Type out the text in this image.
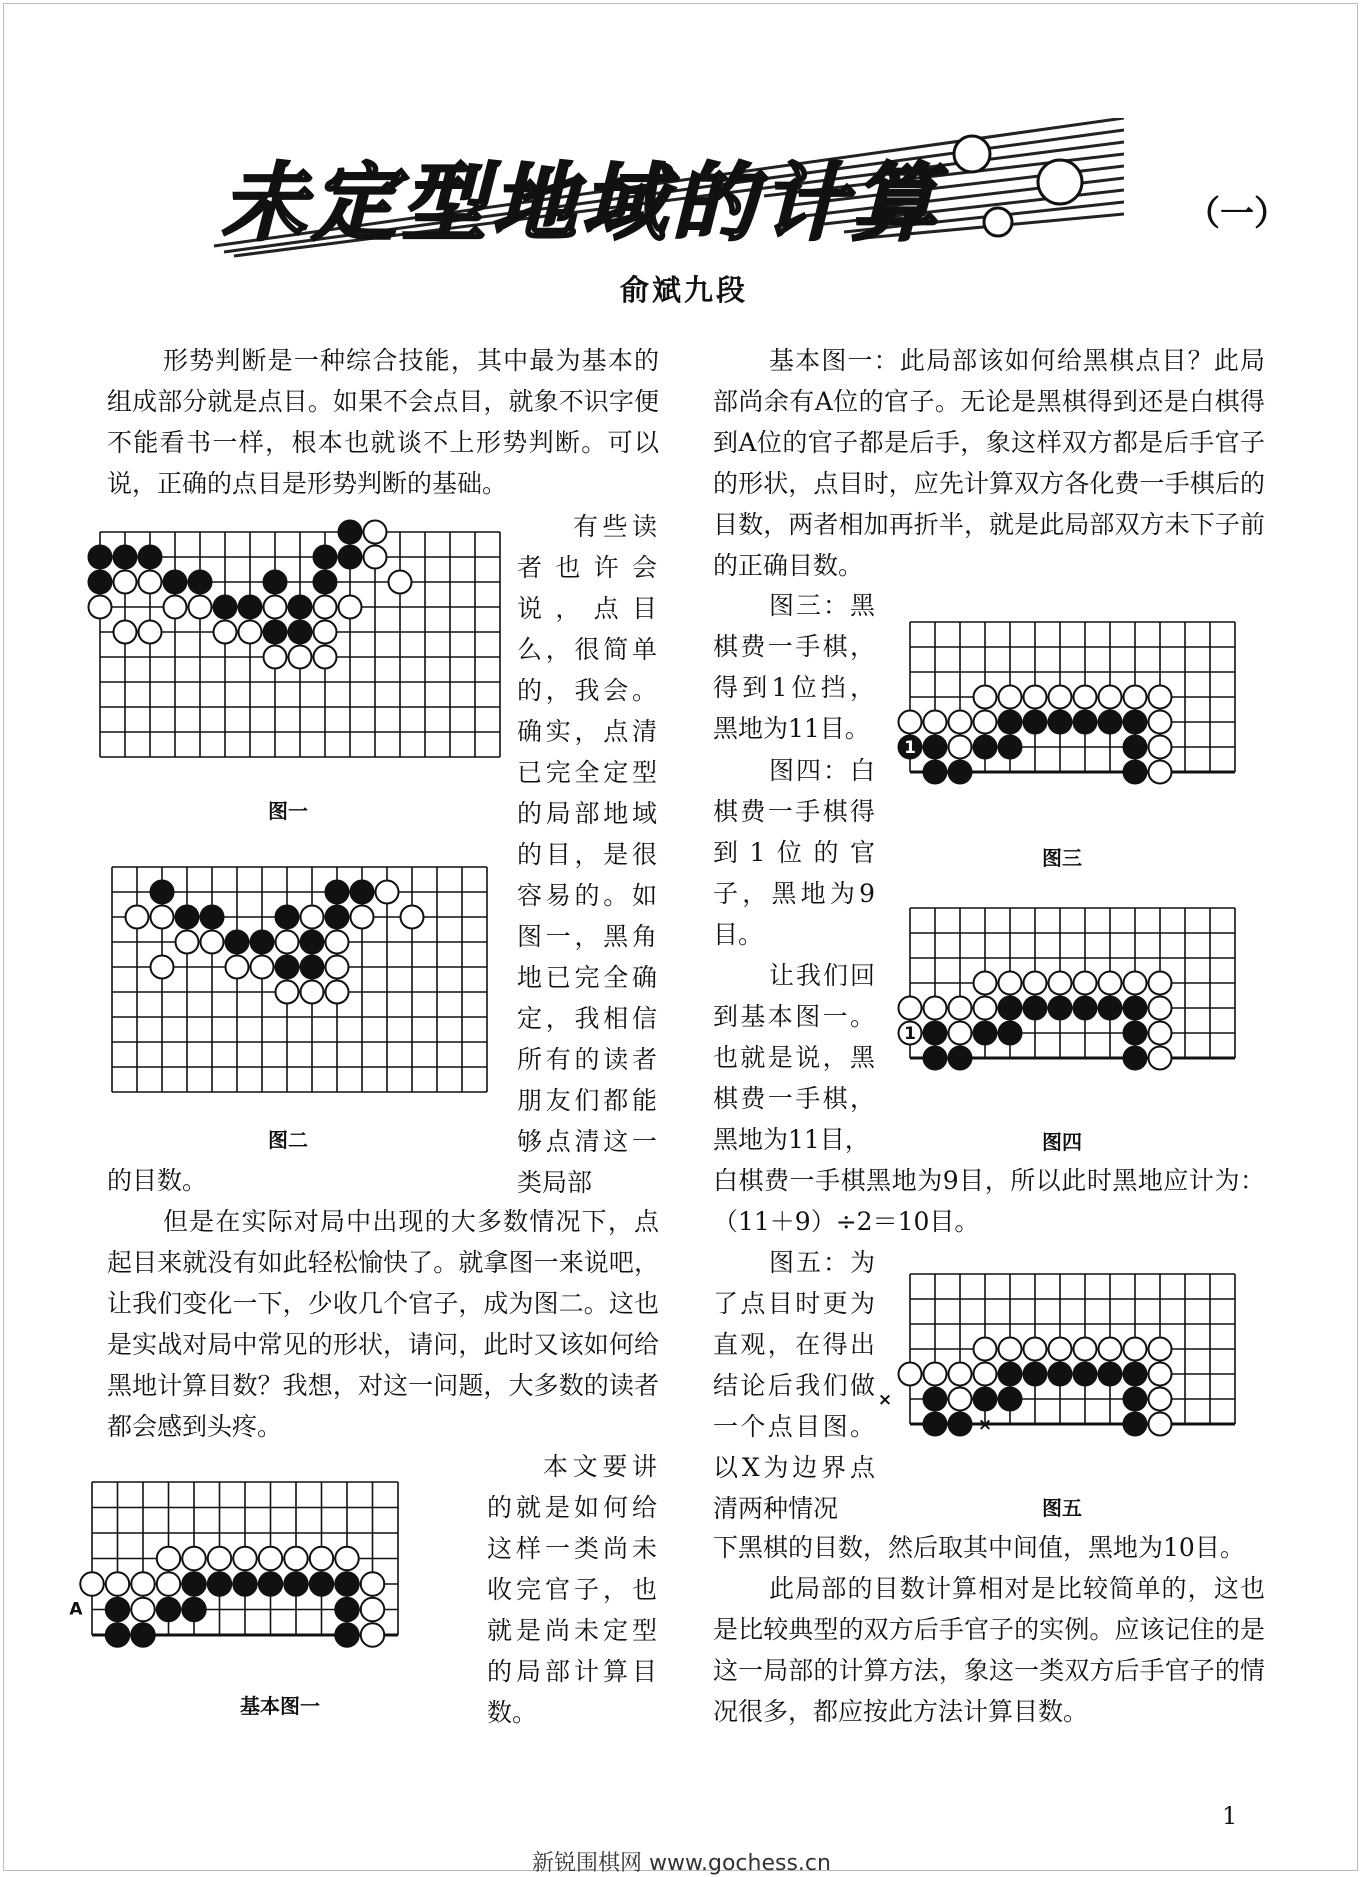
未定型地域的计算	（一）
俞斌九段

形势判断是一种综合技能，其中最为基本的组成部分就是点目。如果不会点目，就象不识字便不能看书一样，根本也就谈不上形势判断。可以说，正确的点目是形势判断的基础。

图一
图二

有些读者也许会说，点目么，很简单的，我会。确实，点清已完全定型的局部地域的目，是很容易的。如图一，黑角地已完全确定，我相信所有的读者朋友们都能够点清这一类局部

的目数。

但是在实际对局中出现的大多数情况下，点起目来就没有如此轻松愉快了。就拿图一来说吧，让我们变化一下，少收几个官子，成为图二。这也是实战对局中常见的形状，请问，此时又该如何给黑地计算目数？我想，对这一问题，大多数的读者都会感到头疼。

A
基本图一

本文要讲的就是如何给这样一类尚未收完官子，也就是尚未定型的局部计算目数。

基本图一：此局部该如何给黑棋点目？此局部尚余有A位的官子。无论是黑棋得到还是白棋得到A位的官子都是后手，象这样双方都是后手官子的形状，点目时，应先计算双方各化费一手棋后的目数，两者相加再折半，就是此局部双方未下子前的正确目数。

图三：黑棋费一手棋，得到1位挡，黑地为11目。

图四：白棋费一手棋得到1位的官子，黑地为9目。

1
图三

让我们回到基本图一。也就是说，黑棋费一手棋，黑地为11目，

1
图四

白棋费一手棋黑地为9目，所以此时黑地应计为：（11＋9）÷2＝10目。

图五：为了点目时更为直观，在得出结论后我们做一个点目图。以X为边界点清两种情况

×
×
图五

下黑棋的目数，然后取其中间值，黑地为10目。

此局部的目数计算相对是比较简单的，这也是比较典型的双方后手官子的实例。应该记住的是这一局部的计算方法，象这一类双方后手官子的情况很多，都应按此方法计算目数。

1
新锐围棋网 www.gochess.cn
